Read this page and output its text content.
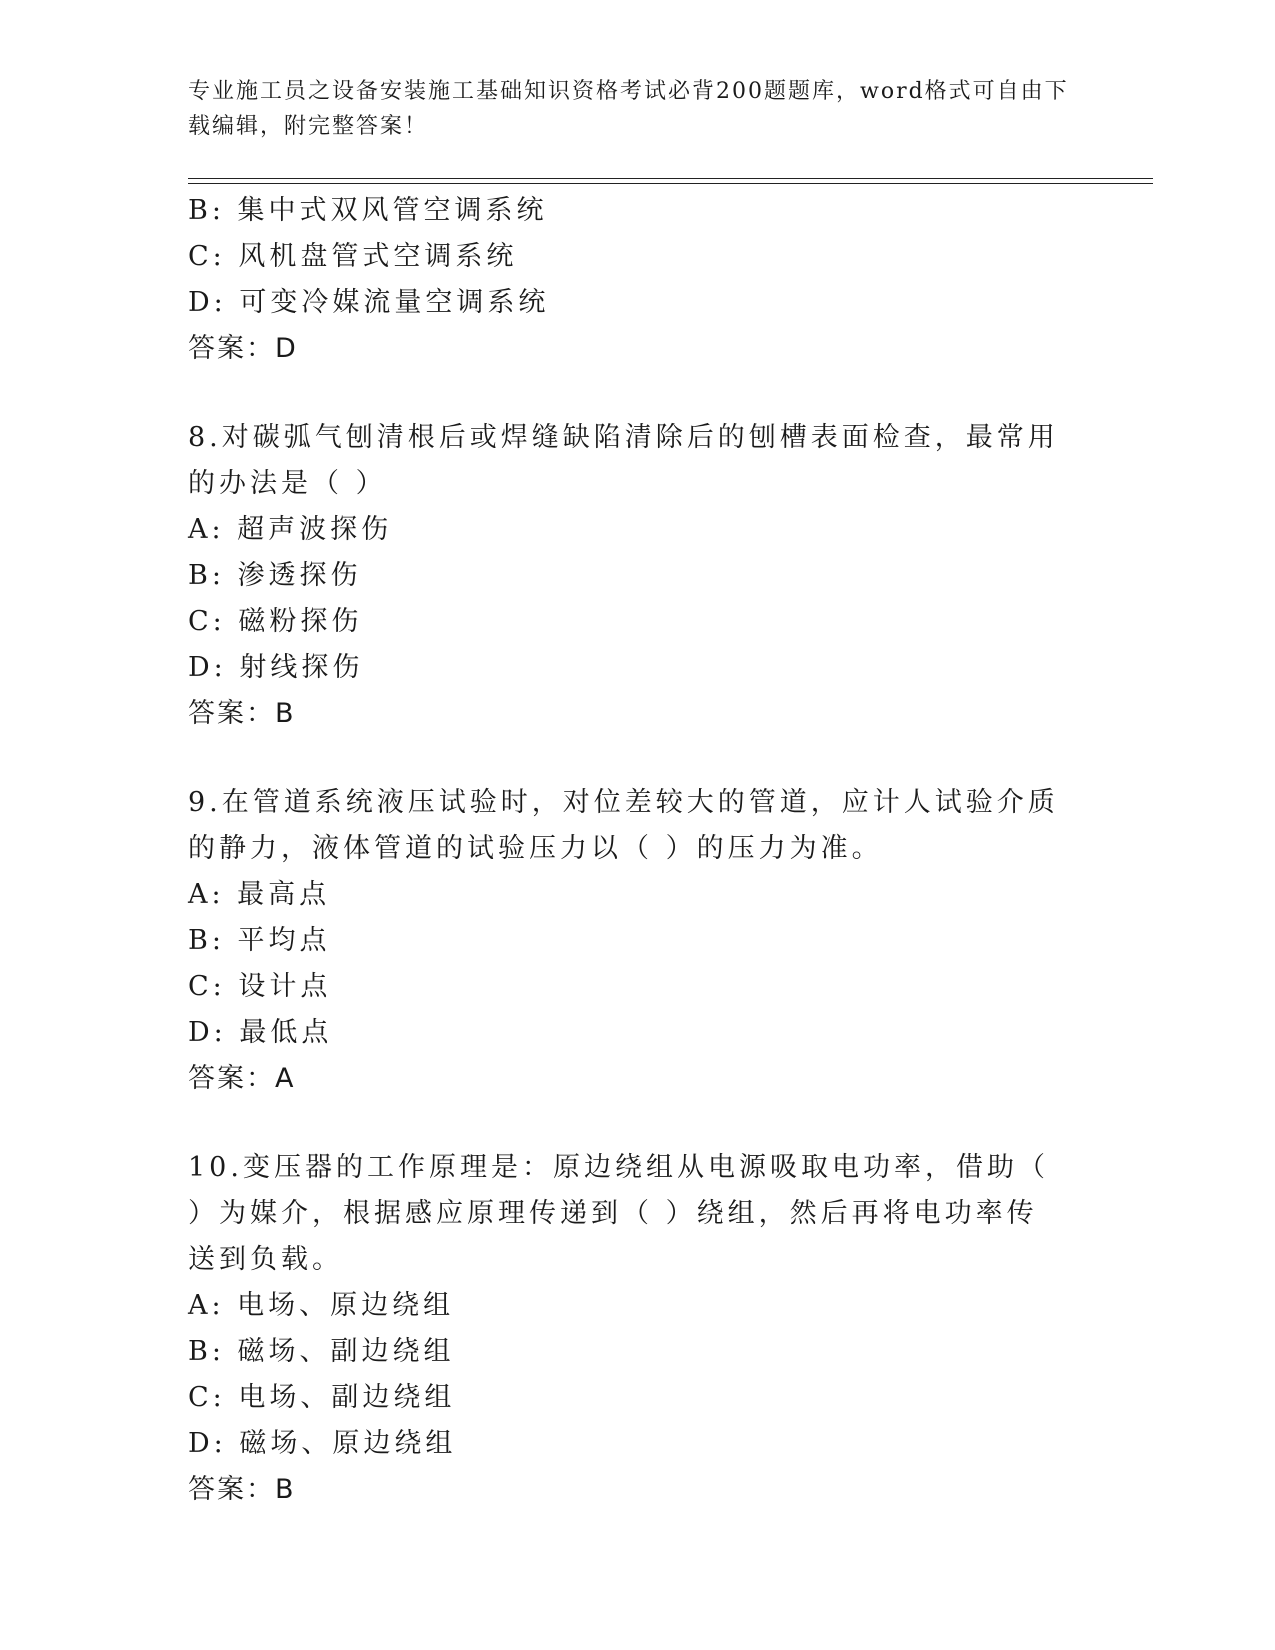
专业施工员之设备安装施工基础知识资格考试必背200题题库，word格式可自由下载编辑，附完整答案！
B: 集中式双风管空调系统
C: 风机盘管式空调系统
D: 可变冷媒流量空调系统
答案：D
8.对碳弧气刨清根后或焊缝缺陷清除后的刨槽表面检查，最常用的办法是（ ）
A: 超声波探伤
B: 渗透探伤
C: 磁粉探伤
D: 射线探伤
答案：B
9.在管道系统液压试验时，对位差较大的管道，应计人试验介质的静力，液体管道的试验压力以（ ）的压力为准。
A: 最高点
B: 平均点
C: 设计点
D: 最低点
答案：A
10.变压器的工作原理是：原边绕组从电源吸取电功率，借助（ ）为媒介，根据感应原理传递到（ ）绕组，然后再将电功率传送到负载。
A: 电场、原边绕组
B: 磁场、副边绕组
C: 电场、副边绕组
D: 磁场、原边绕组
答案：B
